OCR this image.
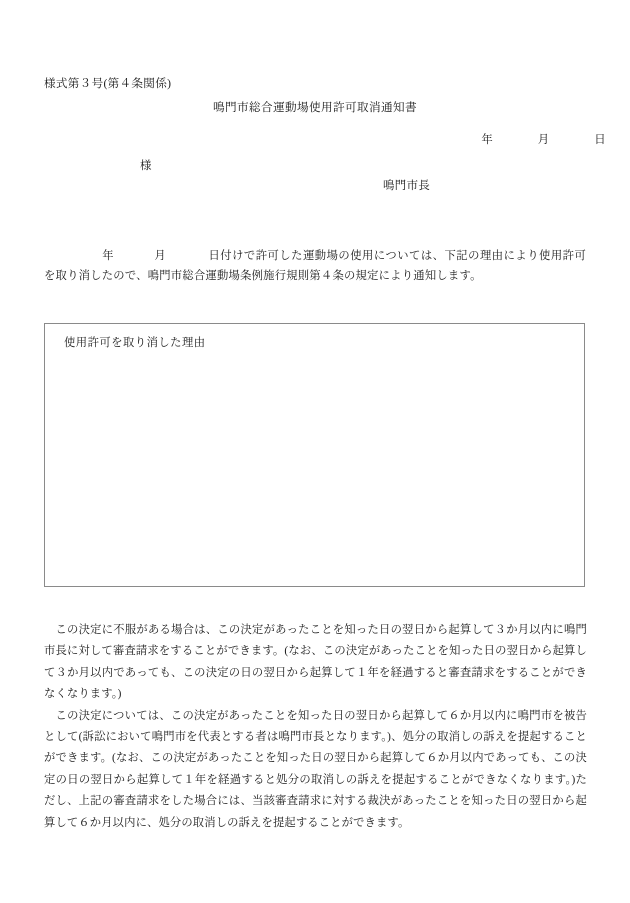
様式第３号(第４条関係)
鳴門市総合運動場使用許可取消通知書

年	月	日

様
鳴門市長
年	月	日付けで許可した運動場の使用については、下記の理由により使用許可を取り消したので、鳴門市総合運動場条例施行規則第４条の規定により通知します。
使用許可を取り消した理由

この決定に不服がある場合は、この決定があったことを知った日の翌日から起算して３か月以内に鳴門市長に対して審査請求をすることができます。(なお、この決定があったことを知った日の翌日から起算して３か月以内であっても、この決定の日の翌日から起算して１年を経過すると審査請求をすることができなくなります。)

この決定については、この決定があったことを知った日の翌日から起算して６か月以内に鳴門市を被告として(訴訟において鳴門市を代表とする者は鳴門市長となります。)、処分の取消しの訴えを提起することができます。(なお、この決定があったことを知った日の翌日から起算して６か月以内であっても、この決定の日の翌日から起算して１年を経過すると処分の取消しの訴えを提起することができなくなります。)ただし、上記の審査請求をした場合には、当該審査請求に対する裁決があったことを知った日の翌日から起算して６か月以内に、処分の取消しの訴えを提起することができます。
